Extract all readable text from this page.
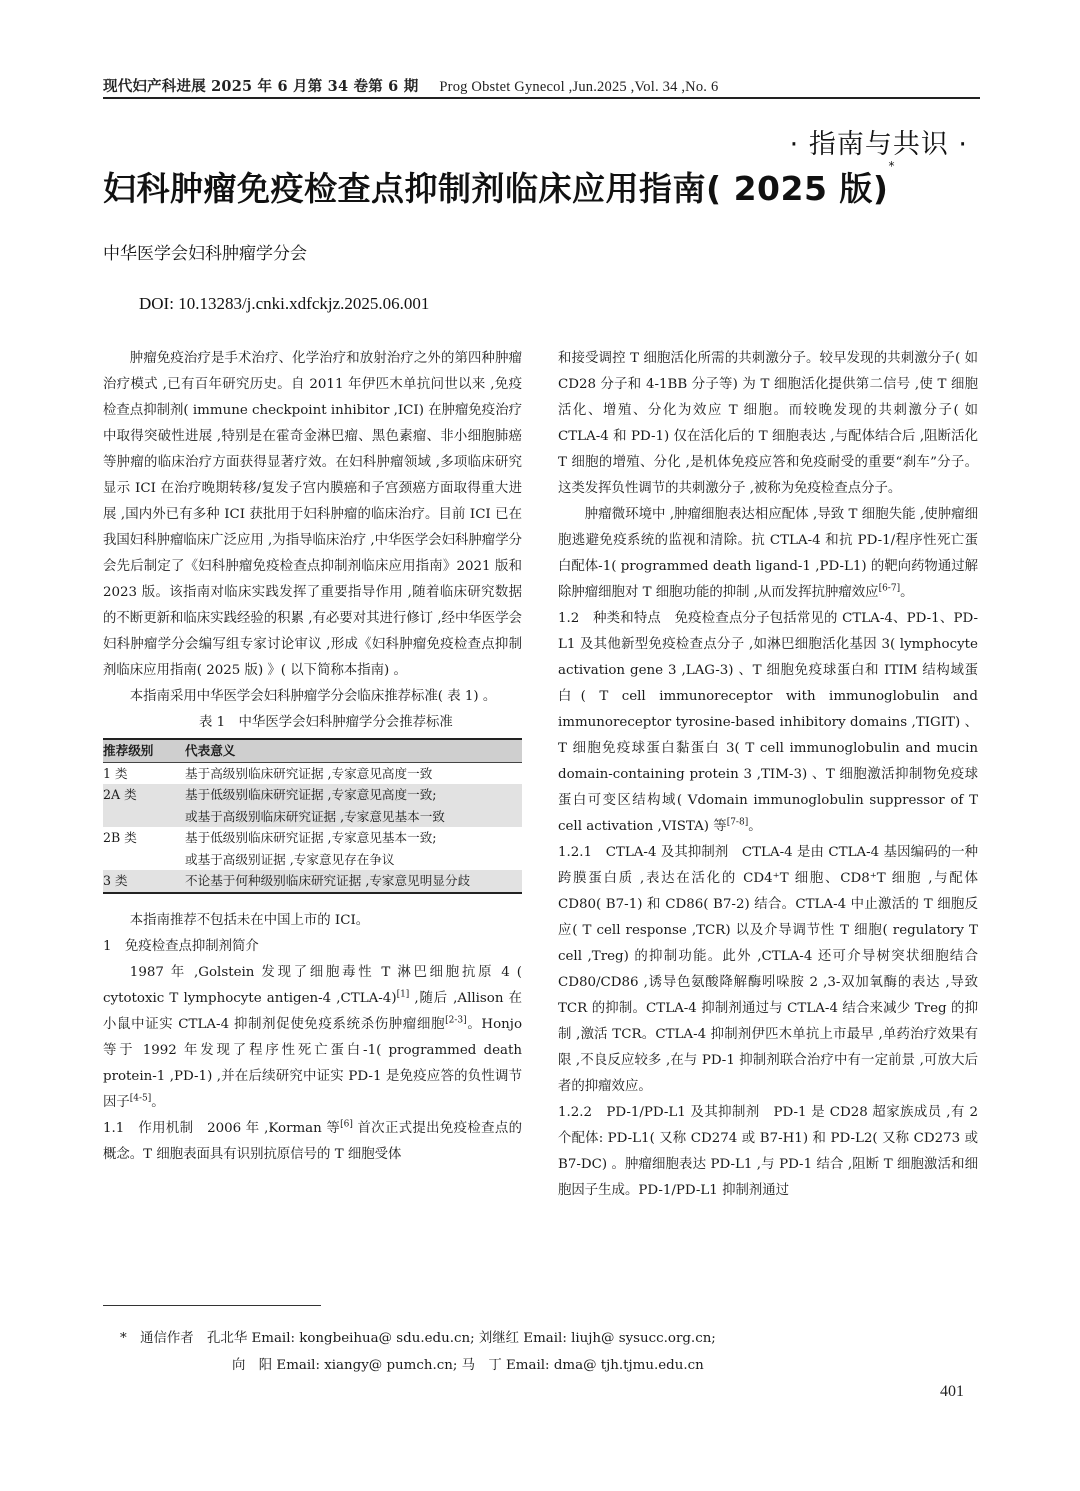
现代妇产科进展 2025 年 6 月第 34 卷第 6 期 Prog Obstet Gynecol ,Jun.2025 ,Vol. 34 ,No. 6
· 指南与共识 ·
妇科肿瘤免疫检查点抑制剂临床应用指南( 2025 版)*
中华医学会妇科肿瘤学分会
DOI: 10.13283/j.cnki.xdfckjz.2025.06.001

肿瘤免疫治疗是手术治疗、化学治疗和放射治疗之外的第四种肿瘤治疗模式 ,已有百年研究历史。自 2011 年伊匹木单抗问世以来 ,免疫检查点抑制剂( immune checkpoint inhibitor ,ICI) 在肿瘤免疫治疗中取得突破性进展 ,特别是在霍奇金淋巴瘤、黑色素瘤、非小细胞肺癌等肿瘤的临床治疗方面获得显著疗效。在妇科肿瘤领域 ,多项临床研究显示 ICI 在治疗晚期转移/复发子宫内膜癌和子宫颈癌方面取得重大进展 ,国内外已有多种 ICI 获批用于妇科肿瘤的临床治疗。目前 ICI 已在我国妇科肿瘤临床广泛应用 ,为指导临床治疗 ,中华医学会妇科肿瘤学分会先后制定了《妇科肿瘤免疫检查点抑制剂临床应用指南》2021 版和 2023 版。该指南对临床实践发挥了重要指导作用 ,随着临床研究数据的不断更新和临床实践经验的积累 ,有必要对其进行修订 ,经中华医学会妇科肿瘤学分会编写组专家讨论审议 ,形成《妇科肿瘤免疫检查点抑制剂临床应用指南( 2025 版) 》( 以下简称本指南) 。

本指南采用中华医学会妇科肿瘤学分会临床推荐标准( 表 1) 。

表 1　中华医学会妇科肿瘤学分会推荐标准

推荐级别	代表意义
1 类	基于高级别临床研究证据 ,专家意见高度一致
2A 类	基于低级别临床研究证据 ,专家意见高度一致;
或基于高级别临床研究证据 ,专家意见基本一致

2B 类	基于低级别临床研究证据 ,专家意见基本一致;
或基于高级别证据 ,专家意见存在争议

3 类	不论基于何种级别临床研究证据 ,专家意见明显分歧

本指南推荐不包括未在中国上市的 ICI。

1　免疫检查点抑制剂简介

1987 年 ,Golstein 发现了细胞毒性 T 淋巴细胞抗原 4 ( cytotoxic T lymphocyte antigen-4 ,CTLA-4)[1] ,随后 ,Allison 在小鼠中证实 CTLA-4 抑制剂促使免疫系统杀伤肿瘤细胞[2-3]。Honjo 等于 1992 年发现了程序性死亡蛋白-1( programmed death protein-1 ,PD-1) ,并在后续研究中证实 PD-1 是免疫应答的负性调节因子[4-5]。

1.1　作用机制　2006 年 ,Korman 等[6] 首次正式提出免疫检查点的概念。T 细胞表面具有识别抗原信号的 T 细胞受体

和接受调控 T 细胞活化所需的共刺激分子。较早发现的共刺激分子( 如 CD28 分子和 4-1BB 分子等) 为 T 细胞活化提供第二信号 ,使 T 细胞活化、增殖、分化为效应 T 细胞。而较晚发现的共刺激分子( 如 CTLA-4 和 PD-1) 仅在活化后的 T 细胞表达 ,与配体结合后 ,阻断活化 T 细胞的增殖、分化 ,是机体免疫应答和免疫耐受的重要“刹车”分子。这类发挥负性调节的共刺激分子 ,被称为免疫检查点分子。

肿瘤微环境中 ,肿瘤细胞表达相应配体 ,导致 T 细胞失能 ,使肿瘤细胞逃避免疫系统的监视和清除。抗 CTLA-4 和抗 PD-1/程序性死亡蛋白配体-1( programmed death ligand-1 ,PD-L1) 的靶向药物通过解除肿瘤细胞对 T 细胞功能的抑制 ,从而发挥抗肿瘤效应[6-7]。

1.2　种类和特点　免疫检查点分子包括常见的 CTLA-4、PD-1、PD-L1 及其他新型免疫检查点分子 ,如淋巴细胞活化基因 3( lymphocyte activation gene 3 ,LAG-3) 、T 细胞免疫球蛋白和 ITIM 结构域蛋白( T cell immunoreceptor with immunoglobulin and immunoreceptor tyrosine-based inhibitory domains ,TIGIT) 、T 细胞免疫球蛋白黏蛋白 3( T cell immunoglobulin and mucin domain-containing protein 3 ,TIM-3) 、T 细胞激活抑制物免疫球蛋白可变区结构域( Vdomain immunoglobulin suppressor of T cell activation ,VISTA) 等[7-8]。

1.2.1　CTLA-4 及其抑制剂　CTLA-4 是由 CTLA-4 基因编码的一种跨膜蛋白质 ,表达在活化的 CD4⁺T 细胞、CD8⁺T 细胞 ,与配体 CD80( B7-1) 和 CD86( B7-2) 结合。CTLA-4 中止激活的 T 细胞反应( T cell response ,TCR) 以及介导调节性 T 细胞( regulatory T cell ,Treg) 的抑制功能。此外 ,CTLA-4 还可介导树突状细胞结合 CD80/CD86 ,诱导色氨酸降解酶吲哚胺 2 ,3-双加氧酶的表达 ,导致 TCR 的抑制。CTLA-4 抑制剂通过与 CTLA-4 结合来减少 Treg 的抑制 ,激活 TCR。CTLA-4 抑制剂伊匹木单抗上市最早 ,单药治疗效果有限 ,不良反应较多 ,在与 PD-1 抑制剂联合治疗中有一定前景 ,可放大后者的抑瘤效应。

1.2.2　PD-1/PD-L1 及其抑制剂　PD-1 是 CD28 超家族成员 ,有 2 个配体: PD-L1( 又称 CD274 或 B7-H1) 和 PD-L2( 又称 CD273 或 B7-DC) 。肿瘤细胞表达 PD-L1 ,与 PD-1 结合 ,阻断 T 细胞激活和细胞因子生成。PD-1/PD-L1 抑制剂通过

*　通信作者　孔北华 Email: kongbeihua@ sdu.edu.cn; 刘继红 Email: liujh@ sysucc.org.cn;
向　阳 Email: xiangy@ pumch.cn; 马　丁 Email: dma@ tjh.tjmu.edu.cn
401
